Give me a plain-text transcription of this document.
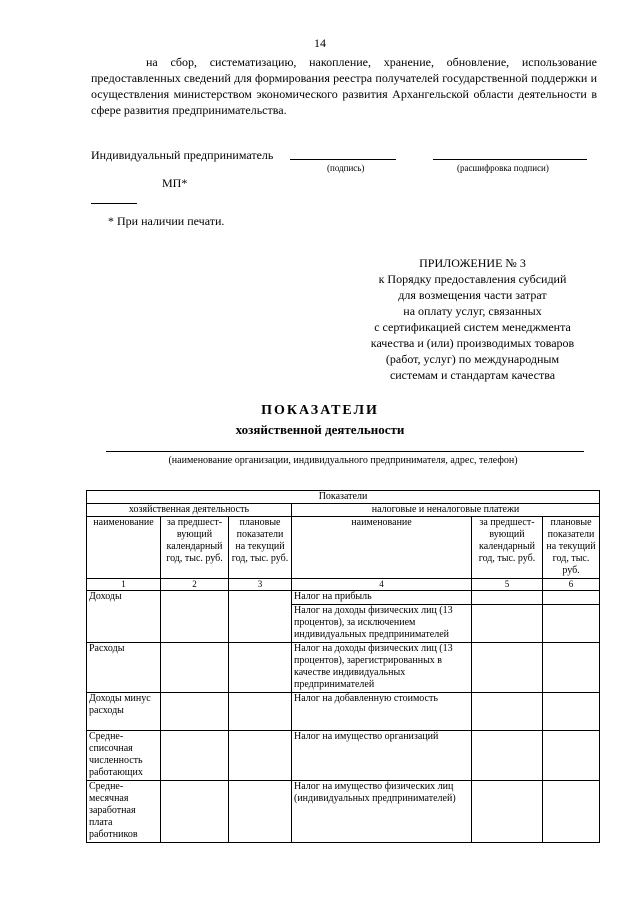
14
на сбор, систематизацию, накопление, хранение, обновление, использование предоставленных сведений для формирования реестра получателей государственной поддержки и осуществления министерством экономического развития Архангельской области деятельности в сфере развития предпринимательства.
Индивидуальный предприниматель
(подпись)	(расшифровка подписи)
МП*
* При наличии печати.
ПРИЛОЖЕНИЕ № 3
к Порядку предоставления субсидий
для возмещения части затрат
на оплату услуг, связанных
с сертификацией систем менеджмента
качества и (или) производимых товаров
(работ, услуг) по международным
системам и стандартам качества
ПОКАЗАТЕЛИ
хозяйственной деятельности
(наименование организации, индивидуального предпринимателя, адрес, телефон)
Показатели					
хозяйственная деятельность			налоговые и неналоговые платежи		
наименование	за предшест-вующий календарный год, тыс. руб.	плановые показатели на текущий год, тыс. руб.	наименование	за предшест-вующий календарный год, тыс. руб.	плановые показатели на текущий год, тыс. руб.
1	2	3	4	5	6
Доходы			Налог на прибыль		
			Налог на доходы физических лиц (13 процентов), за исключением индивидуальных предпринимателей		
Расходы			Налог на доходы физических лиц (13 процентов), зарегистрированных в качестве индивидуальных предпринимателей		
Доходы минус расходы			Налог на добавленную стоимость		
Средне-списочная численность работающих			Налог на имущество организаций		
Средне-месячная заработная плата работников			Налог на имущество физических лиц (индивидуальных предпринимателей)		
